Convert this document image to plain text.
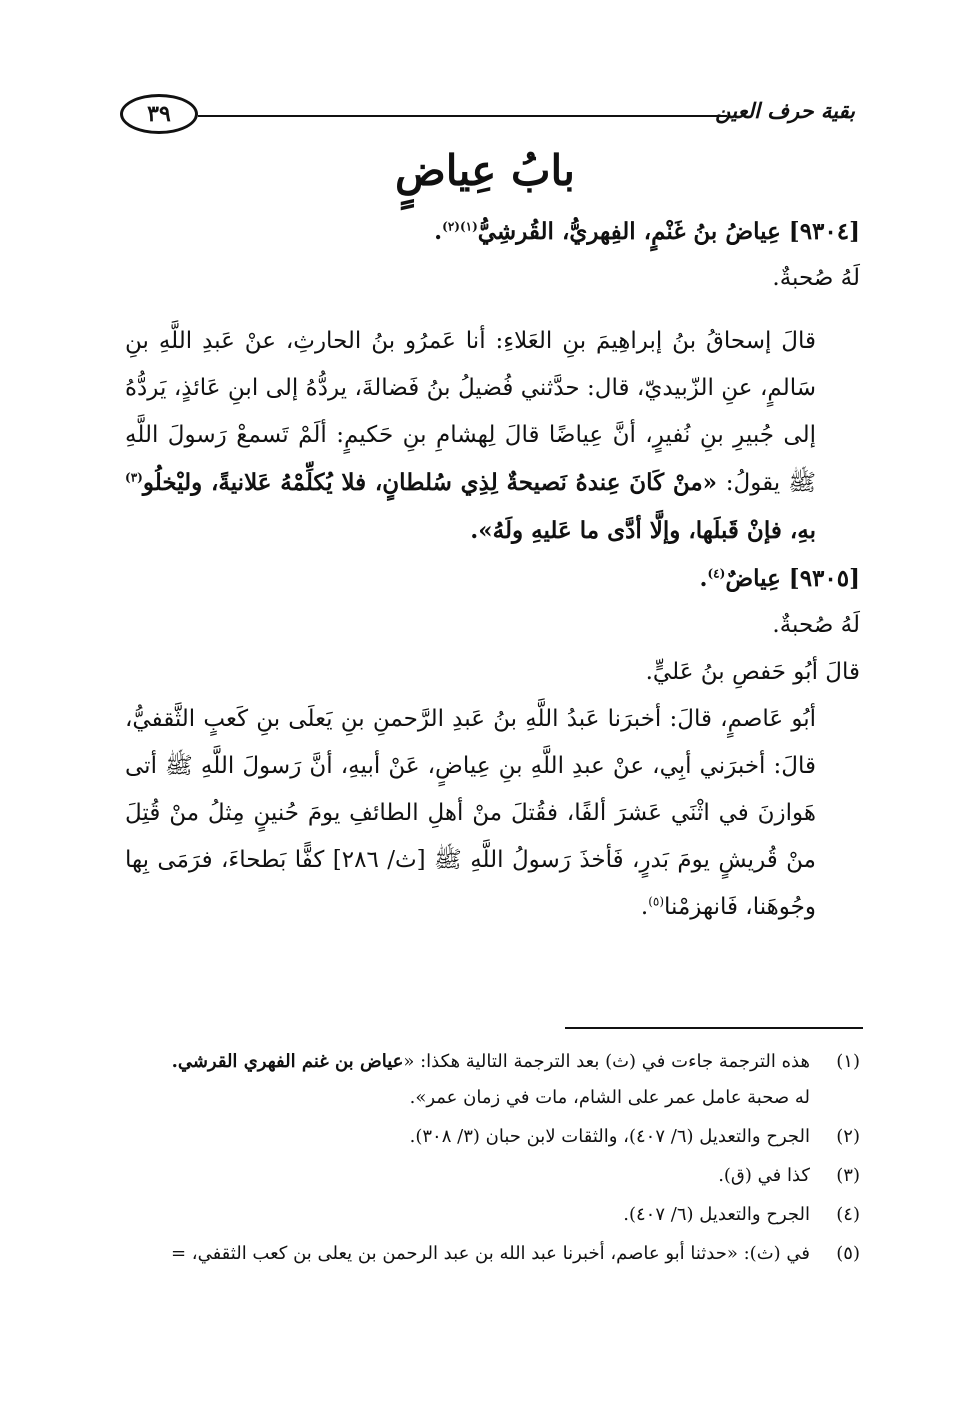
٣٩	بقية حرف العين
بابُ عِياضٍ

[٩٣٠٤] عِياضُ بنُ غَنْمٍ، الفِهريُّ، القُرشِيُّ$^{(١)(٢)}$.

لَهُ صُحبةٌ.

قالَ إسحاقُ بنُ إبراهِيمَ بنِ العَلاءِ: أنا عَمرُو بنُ الحارثِ، عنْ عَبدِ اللَّهِ بنِ سَالمٍ، عنِ الزّبيديّ، قال: حدَّثني فُضيلُ بنُ فَضالةَ، يردُّهُ إلى ابنِ عَائذٍ، يَردُّهُ إلى جُبيرِ بنِ نُفيرٍ، أنَّ عِياضًا قالَ لِهشامِ بنِ حَكيمٍ: ألَمْ تَسمعْ رَسولَ اللَّهِ ﷺ يقولُ: «منْ كَانَ عِندهُ نَصيحةٌ لِذِي سُلطانٍ، فلا يُكلِّمْهُ عَلانيةً، وليْخلُو$^{(٣)}$ بهِ، فإنْ قَبلَها، وإلَّا أدَّى ما عَليهِ ولَهُ».

[٩٣٠٥] عِياضٌ$^{(٤)}$.

لَهُ صُحبةٌ.

قالَ أبُو حَفصِ بنُ عَليٍّ.

أبُو عَاصمٍ، قالَ: أخبرَنا عَبدُ اللَّهِ بنُ عَبدِ الرَّحمنِ بنِ يَعلَى بنِ كَعبٍ الثَّقفيُّ، قالَ: أخبرَني أبِي، عنْ عبدِ اللَّهِ بنِ عِياضٍ، عَنْ أبيهِ، أنَّ رَسولَ اللَّهِ ﷺ أتى هَوازنَ في اثْنَي عَشرَ ألفًا، فقُتلَ منْ أهلِ الطائفِ يومَ حُنينٍ مِثلُ منْ قُتِلَ منْ قُريشٍ يومَ بَدرٍ، فَأخذَ رَسولُ اللَّهِ ﷺ [ث/ ٢٨٦] كفًّا بَطحاءَ، فرَمَى بِها وجُوهَنا، فَانهزمْنا$^{(٥)}$.

(١)
هذه الترجمة جاءت في (ث) بعد الترجمة التالية هكذا: «عياض بن غنم الفهري القرشي.
له صحبة عامل عمر على الشام، مات في زمان عمر».
(٢)
الجرح والتعديل (٦/ ٤٠٧)، والثقات لابن حبان (٣/ ٣٠٨).
(٣)
كذا في (ق).
(٤)
الجرح والتعديل (٦/ ٤٠٧).
(٥)
في (ث): «حدثنا أبو عاصم، أخبرنا عبد الله بن عبد الرحمن بن يعلى بن كعب الثقفي، =
